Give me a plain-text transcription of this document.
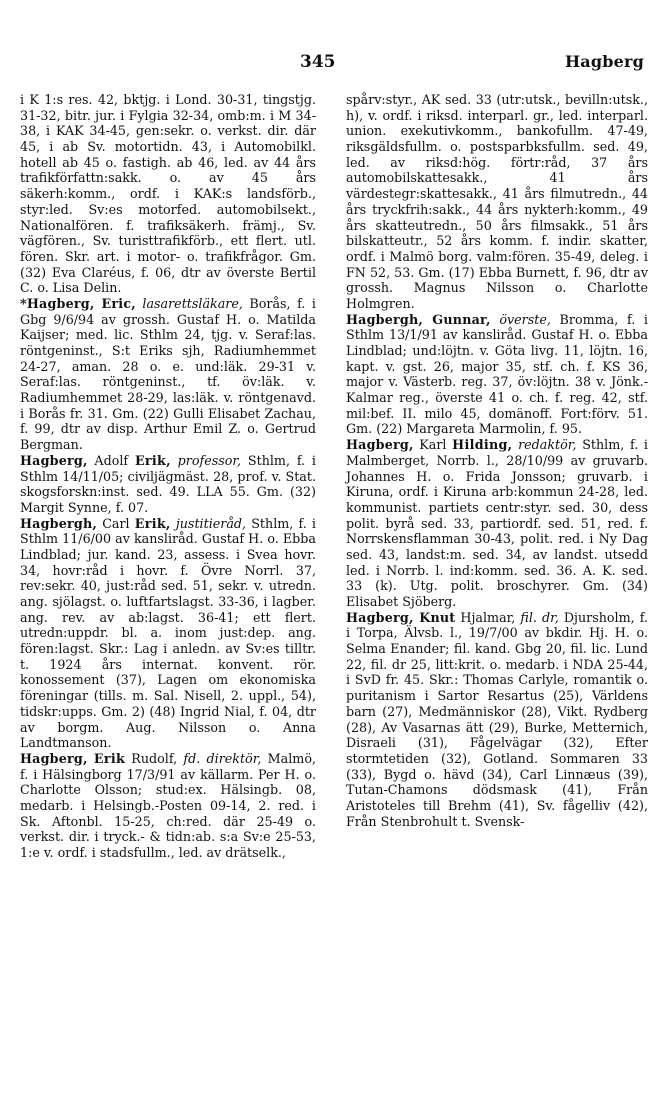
345	Hagberg

i K 1:s res. 42, bktjg. i Lond. 30-31, tingstjg. 31-32, bitr. jur. i Fylgia 32-34, omb:m. i M 34-38, i KAK 34-45, gen:sekr. o. verkst. dir. där 45, i ab Sv. motortidn. 43, i Automobilkl. hotell ab 45 o. fastigh. ab 46, led. av 44 års trafikförfattn:sakk. o. av 45 års säkerh:komm., ordf. i KAK:s landsförb., styr:led. Sv:es motorfed. automobilsekt., Nationalfören. f. trafiksäkerh. främj., Sv. vägfören., Sv. turisttrafikförb., ett flert. utl. fören. Skr. art. i motor- o. trafikfrågor. Gm. (32) Eva Claréus, f. 06, dtr av överste Bertil C. o. Lisa Delin.

*Hagberg, Eric, lasarettsläkare, Borås, f. i Gbg 9/6/94 av grossh. Gustaf H. o. Matilda Kaijser; med. lic. Sthlm 24, tjg. v. Seraf:las. röntgeninst., S:t Eriks sjh, Radiumhemmet 24-27, aman. 28 o. e. und:läk. 29-31 v. Seraf:las. röntgeninst., tf. öv:läk. v. Radiumhemmet 28-29, las:läk. v. röntgenavd. i Borås fr. 31. Gm. (22) Gulli Elisabet Zachau, f. 99, dtr av disp. Arthur Emil Z. o. Gertrud Bergman.

Hagberg, Adolf Erik, professor, Sthlm, f. i Sthlm 14/11/05; civiljägmäst. 28, prof. v. Stat. skogsforskn:inst. sed. 49. LLA 55. Gm. (32) Margit Synne, f. 07.

Hagbergh, Carl Erik, justitieråd, Sthlm, f. i Sthlm 11/6/00 av kanslіråd. Gustaf H. o. Ebba Lindblad; jur. kand. 23, assess. i Svea hovr. 34, hovr:råd i hovr. f. Övre Norrl. 37, rev:sekr. 40, just:råd sed. 51, sekr. v. utredn. ang. sjölagst. o. luftfartslagst. 33-36, i lagber. ang. rev. av ab:lagst. 36-41; ett flert. utredn:uppdr. bl. a. inom just:dep. ang. fören:lagst. Skr.: Lag i anledn. av Sv:es tilltr. t. 1924 års internat. konvent. rör. konossement (37), Lagen om ekonomiska föreningar (tills. m. Sal. Nisell, 2. uppl., 54), tidskr:upps. Gm. 2) (48) Ingrid Nial, f. 04, dtr av borgm. Aug. Nilsson o. Anna Landtmanson.

Hagberg, Erik Rudolf, fd. direktör, Malmö, f. i Hälsingborg 17/3/91 av källarm. Per H. o. Charlotte Olsson; stud:ex. Hälsingb. 08, medarb. i Helsingb.-Posten 09-14, 2. red. i Sk. Aftonbl. 15-25, ch:red. där 25-49 o. verkst. dir. i tryck.- & tidn:ab. s:a Sv:e 25-53, 1:e v. ordf. i stadsfullm., led. av drätselk.,

spårv:styr., AK sed. 33 (utr:utsk., bevilln:utsk., h), v. ordf. i riksd. interparl. gr., led. interparl. union. exekutivkomm., bankofullm. 47-49, riksgäldsfullm. o. postsparbksfullm. sed. 49, led. av riksd:hög. förtr:råd, 37 års automobilskattesakk., 41 års värdestegr:skattesakk., 41 års filmutredn., 44 års tryckfrih:sakk., 44 års nykterh:komm., 49 års skatteutredn., 50 års filmsakk., 51 års bilskatteutr., 52 års komm. f. indir. skatter, ordf. i Malmö borg. valm:fören. 35-49, deleg. i FN 52, 53. Gm. (17) Ebba Burnett, f. 96, dtr av grossh. Magnus Nilsson o. Charlotte Holmgren.

Hagbergh, Gunnar, överste, Bromma, f. i Sthlm 13/1/91 av kanslіråd. Gustaf H. o. Ebba Lindblad; und:löjtn. v. Göta livg. 11, löjtn. 16, kapt. v. gst. 26, major 35, stf. ch. f. KS 36, major v. Västerb. reg. 37, öv:löjtn. 38 v. Jönk.-Kalmar reg., överste 41 o. ch. f. reg. 42, stf. mil:bef. II. milo 45, domänoff. Fort:förv. 51. Gm. (22) Margareta Marmolin, f. 95.

Hagberg, Karl Hilding, redaktör, Sthlm, f. i Malmberget, Norrb. l., 28/10/99 av gruvarb. Johannes H. o. Frida Jonsson; gruvarb. i Kiruna, ordf. i Kiruna arb:kommun 24-28, led. kommunist. partiets centr:styr. sed. 30, dess polit. byrå sed. 33, partiordf. sed. 51, red. f. Norrskensflamman 30-43, polit. red. i Ny Dag sed. 43, landst:m. sed. 34, av landst. utsedd led. i Norrb. l. ind:komm. sed. 36. A. K. sed. 33 (k). Utg. polit. broschyrer. Gm. (34) Elisabet Sjöberg.

Hagberg, Knut Hjalmar, fil. dr, Djursholm, f. i Torpa, Älvsb. l., 19/7/00 av bkdir. Hj. H. o. Selma Enander; fil. kand. Gbg 20, fil. lic. Lund 22, fil. dr 25, litt:krit. o. medarb. i NDA 25-44, i SvD fr. 45. Skr.: Thomas Carlyle, romantik o. puritanism i Sartor Resartus (25), Världens barn (27), Medmänniskor (28), Vikt. Rydberg (28), Av Vasarnas ätt (29), Burke, Metternich, Disraeli (31), Fågelvägar (32), Efter stormtetiden (32), Gotland. Sommaren 33 (33), Bygd o. hävd (34), Carl Linnæus (39), Tutan-Chamons dödsmask (41), Från Aristoteles till Brehm (41), Sv. fågelliv (42), Från Stenbrohult t. Svensk-
